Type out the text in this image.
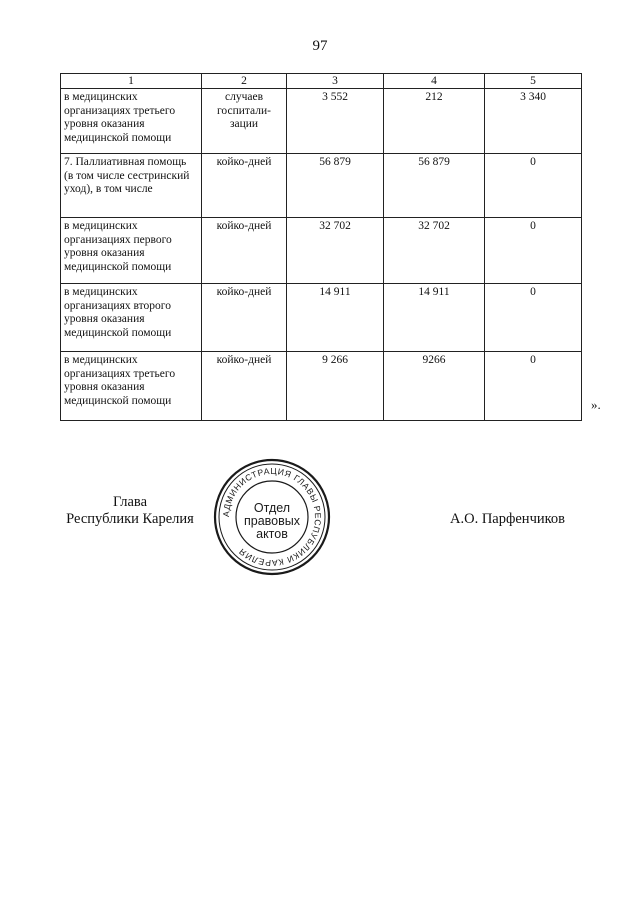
97
1	2	3	4	5
в медицинских организациях третьего уровня оказания медицинской помощи	случаев госпитали-зации	3 552	212	3 340
7. Паллиативная помощь (в том числе сестринский уход), в том числе	койко-дней	56 879	56 879	0
в медицинских организациях первого уровня оказания медицинской помощи	койко-дней	32 702	32 702	0
в медицинских организациях второго уровня оказания медицинской помощи	койко-дней	14 911	14 911	0
в медицинских организациях третьего уровня оказания медицинской помощи	койко-дней	9 266	9266	0
».
Глава
Республики Карелия	АДМИНИСТРАЦИЯ ГЛАВЫ РЕСПУБЛИКИ КАРЕЛИЯ
Отдел
правовых
актов
А.О. Парфенчиков
